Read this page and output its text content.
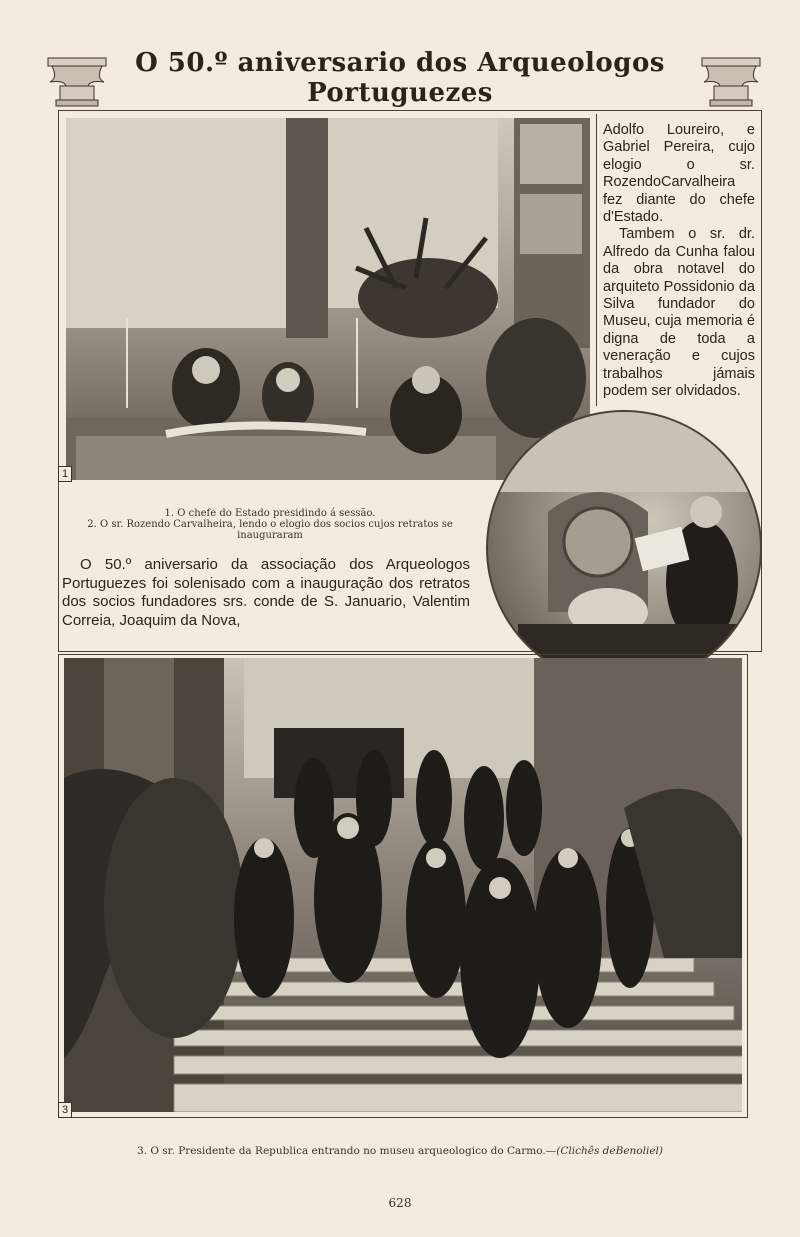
O 50.º aniversario dos Arqueologos Portuguezes
1

Adolfo Loureiro, e Gabriel Pereira, cujo elogio o sr. RozendoCarvalheira fez diante do chefe d'Estado.

Tambem o sr. dr. Alfredo da Cunha falou da obra notavel do arquiteto Possidonio da Silva fundador do Museu, cuja memoria é digna de toda a veneração e cujos trabalhos jámais podem ser olvidados.

1. O chefe do Estado presidindo á sessão.
2. O sr. Rozendo Carvalheira, lendo o elogio dos socios cujos retratos se inauguraram
O 50.º aniversario da associação dos Arqueologos Portuguezes foi solenisado com a inauguração dos retratos dos socios fundadores srs. conde de S. Januario, Valentim Correia, Joaquim da Nova,
3
3. O sr. Presidente da Republica entrando no museu arqueologico do Carmo.—(Clichês deBenoliel)
628
